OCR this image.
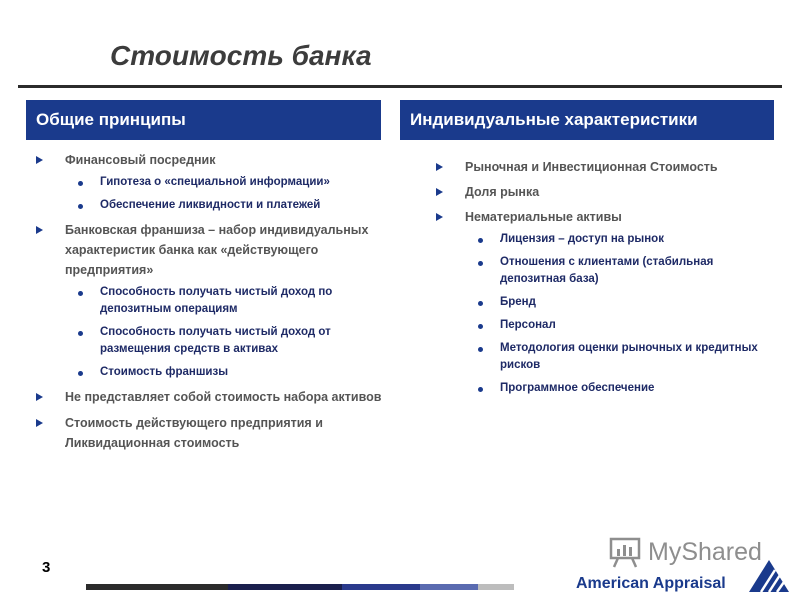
Стоимость банка
Общие принципы	Индивидуальные характеристики
Финансовый посредник
Гипотеза о «специальной информации»
Обеспечение ликвидности и платежей
Банковская франшиза – набор индивидуальных характеристик банка как «действующего предприятия»
Способность получать чистый доход по депозитным операциям
Способность получать чистый доход от размещения средств в активах
Стоимость франшизы
Не представляет собой стоимость набора активов
Стоимость действующего предприятия и Ликвидационная стоимость
Рыночная и Инвестиционная Стоимость
Доля рынка
Нематериальные активы
Лицензия – доступ на рынок
Отношения с клиентами (стабильная депозитная база)
Бренд
Персонал
Методология оценки рыночных и кредитных рисков
Программное обеспечение
3
MyShared
American Appraisal
